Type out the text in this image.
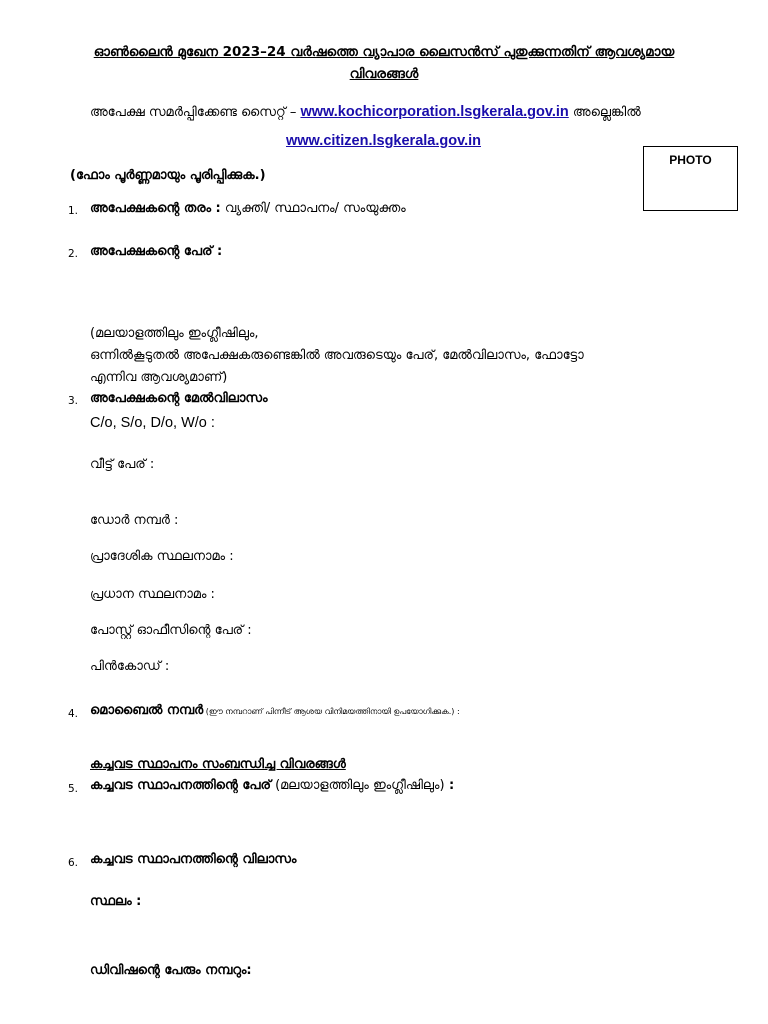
ഓൺലൈൻ മുഖേന 2023–24 വർഷത്തെ വ്യാപാര ലൈസൻസ് പുതുക്കുന്നതിന് ആവശ്യമായ
വിവരങ്ങൾ
അപേക്ഷ സമർപ്പിക്കേണ്ട സൈറ്റ് – www.kochicorporation.lsgkerala.gov.in അല്ലെങ്കിൽ
www.citizen.lsgkerala.gov.in
PHOTO
(ഫോം പൂർണ്ണമായും പൂരിപ്പിക്കുക.)
1. അപേക്ഷകന്റെ തരം : വ്യക്തി/ സ്ഥാപനം/ സംയുക്തം
2. അപേക്ഷകന്റെ പേര് :
(മലയാളത്തിലും ഇംഗ്ലീഷിലും,
ഒന്നിൽകൂടുതൽ അപേക്ഷകരുണ്ടെങ്കിൽ അവരുടെയും പേര്, മേൽവിലാസം, ഫോട്ടോ
എന്നിവ ആവശ്യമാണ്)
3. അപേക്ഷകന്റെ മേൽവിലാസം
C/o, S/o, D/o, W/o :
വീട്ട് പേര് :
ഡോർ നമ്പർ :
പ്രാദേശിക സ്ഥലനാമം :
പ്രധാന സ്ഥലനാമം :
പോസ്റ്റ് ഓഫീസിന്റെ പേര് :
പിൻകോഡ് :
4. മൊബൈൽ നമ്പർ (ഈ നമ്പറാണ് പിന്നീട് ആശയ വിനിമയത്തിനായി ഉപയോഗിക്കുക.) :
കച്ചവട സ്ഥാപനം സംബന്ധിച്ച വിവരങ്ങൾ
5. കച്ചവട സ്ഥാപനത്തിന്റെ പേര് (മലയാളത്തിലും ഇംഗ്ലീഷിലും) :
6. കച്ചവട സ്ഥാപനത്തിന്റെ വിലാസം
സ്ഥലം :
ഡിവിഷന്റെ പേരും നമ്പറും:
